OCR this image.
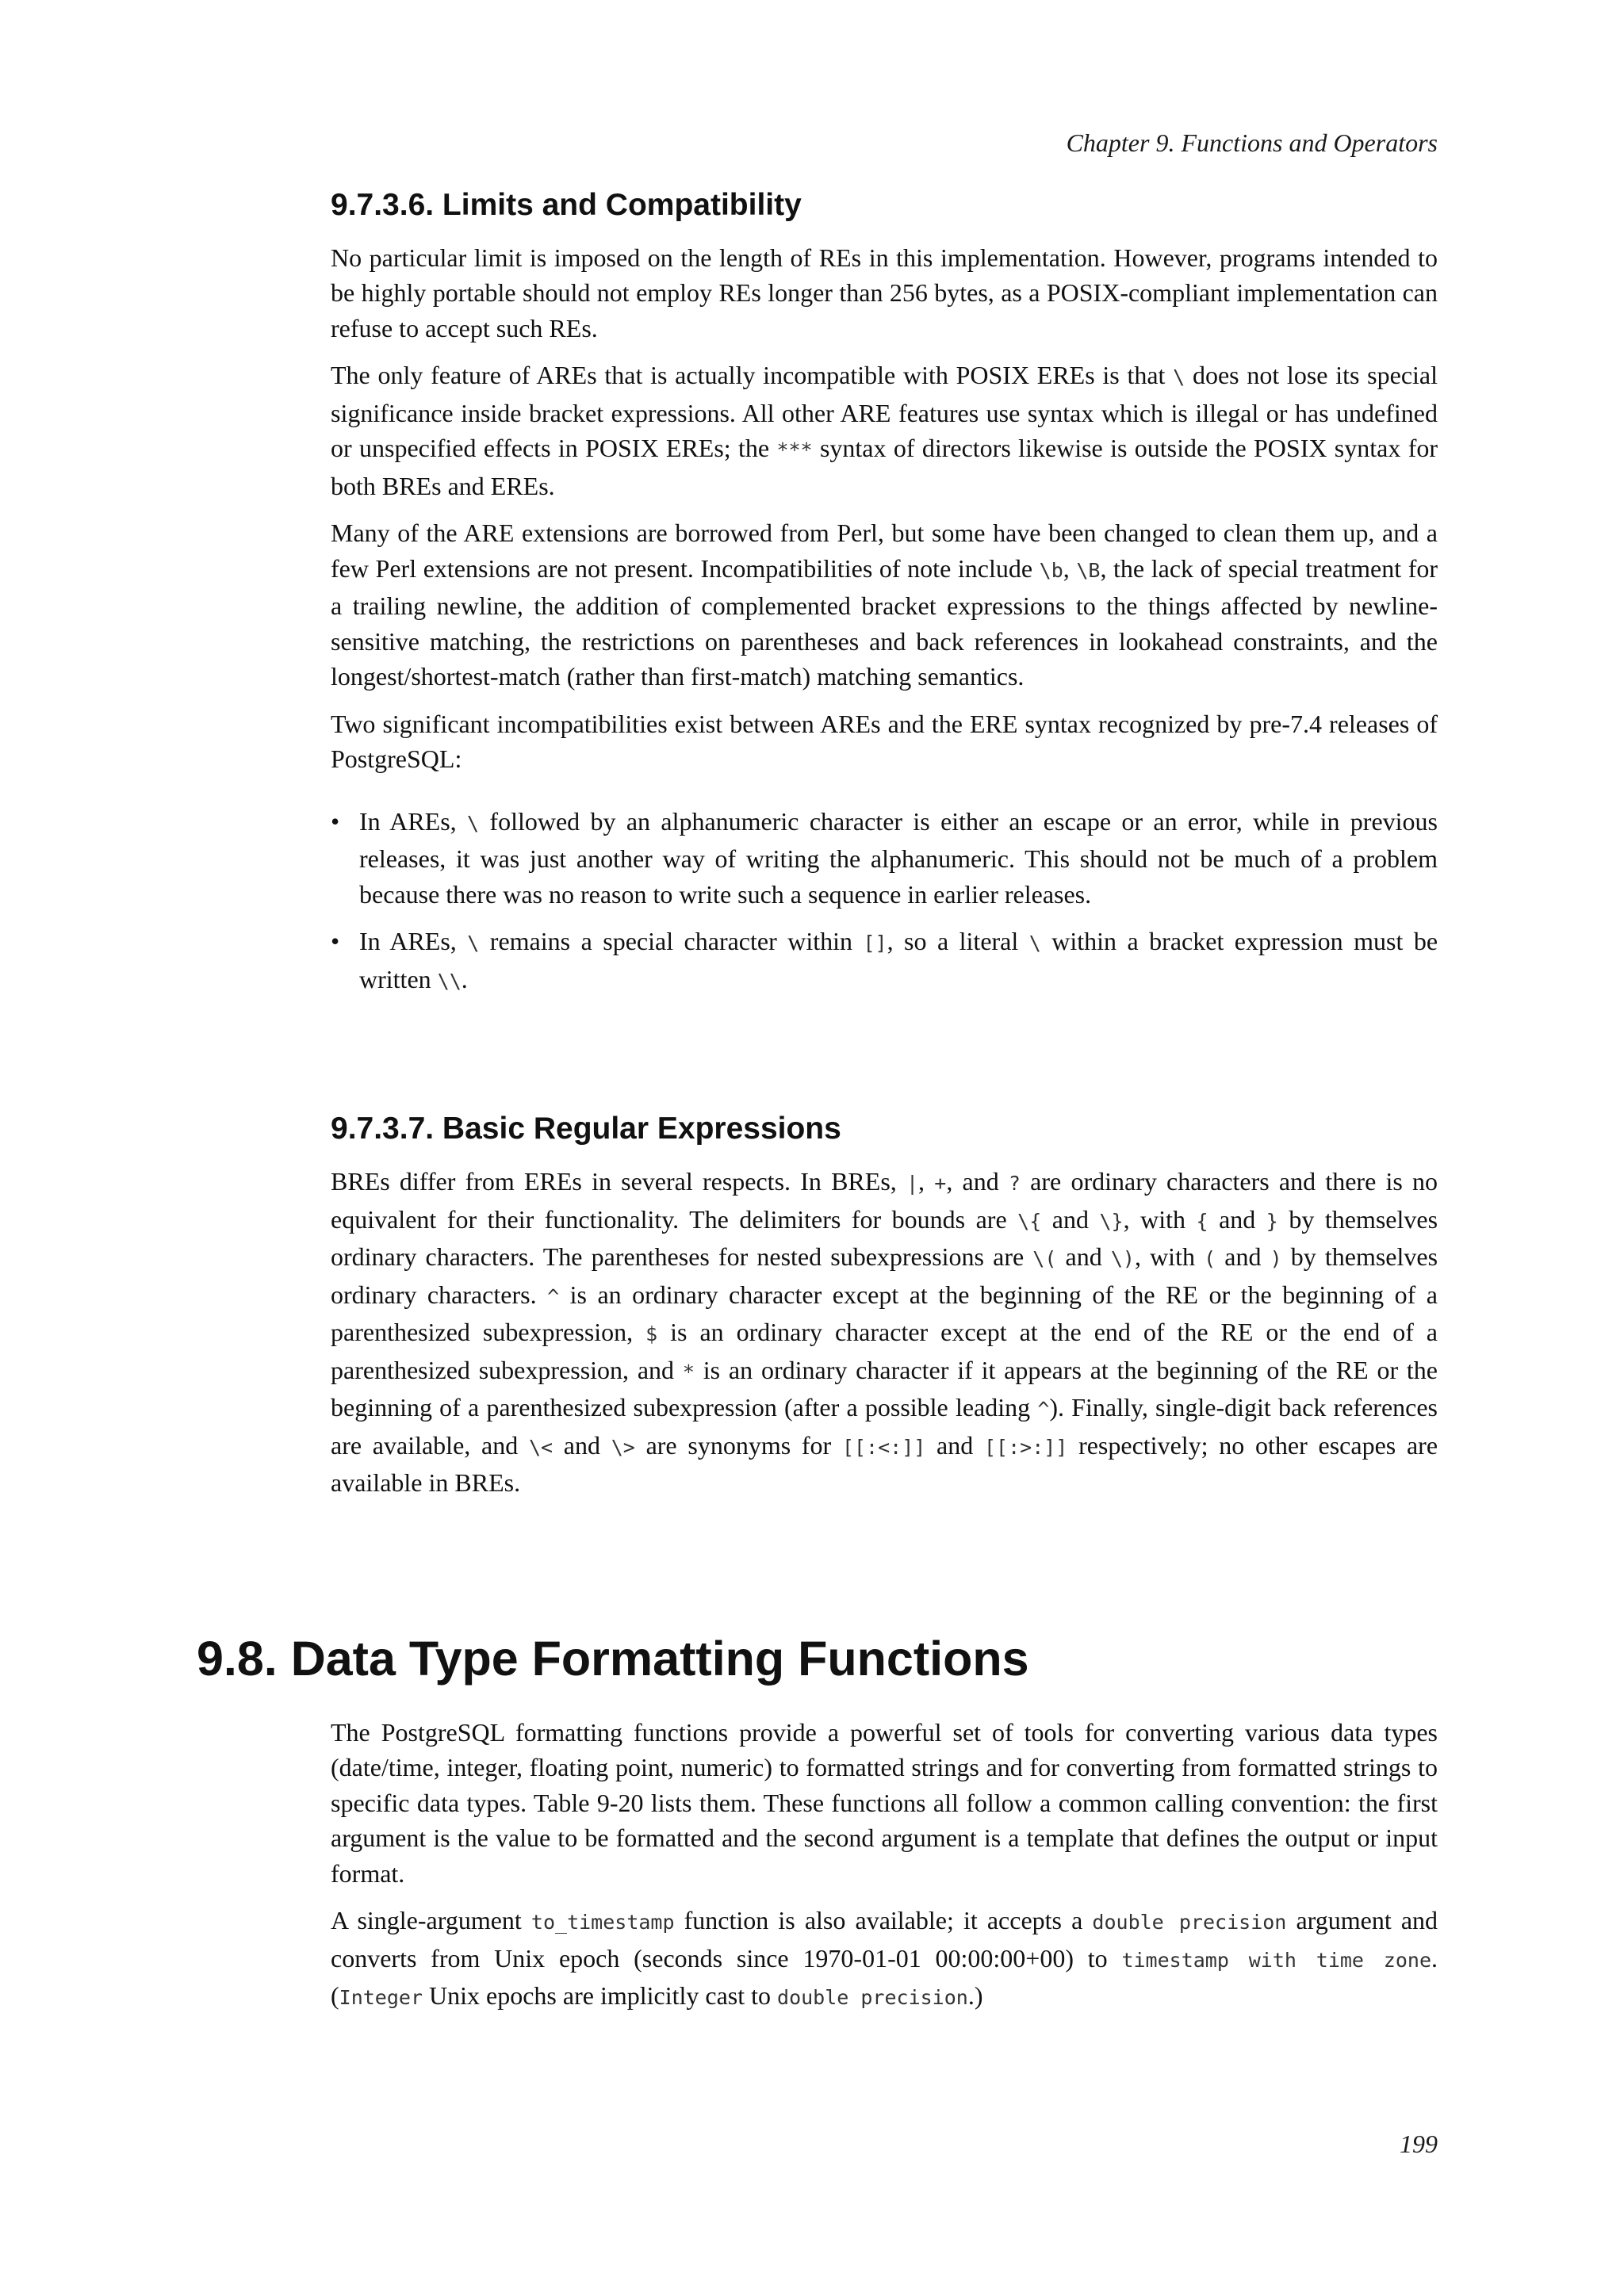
Chapter 9. Functions and Operators
9.7.3.6. Limits and Compatibility

No particular limit is imposed on the length of REs in this implementation. However, programs intended to be highly portable should not employ REs longer than 256 bytes, as a POSIX-compliant implementation can refuse to accept such REs.

The only feature of AREs that is actually incompatible with POSIX EREs is that \ does not lose its special significance inside bracket expressions. All other ARE features use syntax which is illegal or has undefined or unspecified effects in POSIX EREs; the *** syntax of directors likewise is outside the POSIX syntax for both BREs and EREs.

Many of the ARE extensions are borrowed from Perl, but some have been changed to clean them up, and a few Perl extensions are not present. Incompatibilities of note include \b, \B, the lack of special treatment for a trailing newline, the addition of complemented bracket expressions to the things affected by newline-sensitive matching, the restrictions on parentheses and back references in lookahead constraints, and the longest/shortest-match (rather than first-match) matching semantics.

Two significant incompatibilities exist between AREs and the ERE syntax recognized by pre-7.4 releases of PostgreSQL:

• In AREs, \ followed by an alphanumeric character is either an escape or an error, while in previous releases, it was just another way of writing the alphanumeric. This should not be much of a problem because there was no reason to write such a sequence in earlier releases.
• In AREs, \ remains a special character within [], so a literal \ within a bracket expression must be written \\.
9.7.3.7. Basic Regular Expressions

BREs differ from EREs in several respects. In BREs, |, +, and ? are ordinary characters and there is no equivalent for their functionality. The delimiters for bounds are \{ and \}, with { and } by themselves ordinary characters. The parentheses for nested subexpressions are \( and \), with ( and ) by themselves ordinary characters. ^ is an ordinary character except at the beginning of the RE or the beginning of a parenthesized subexpression, $ is an ordinary character except at the end of the RE or the end of a parenthesized subexpression, and * is an ordinary character if it appears at the beginning of the RE or the beginning of a parenthesized subexpression (after a possible leading ^). Finally, single-digit back references are available, and \< and \> are synonyms for [[:<:]] and [[:>:]] respectively; no other escapes are available in BREs.

9.8. Data Type Formatting Functions

The PostgreSQL formatting functions provide a powerful set of tools for converting various data types (date/time, integer, floating point, numeric) to formatted strings and for converting from formatted strings to specific data types. Table 9-20 lists them. These functions all follow a common calling convention: the first argument is the value to be formatted and the second argument is a template that defines the output or input format.

A single-argument to_timestamp function is also available; it accepts a double precision argument and converts from Unix epoch (seconds since 1970-01-01 00:00:00+00) to timestamp with time zone. (Integer Unix epochs are implicitly cast to double precision.)

199
